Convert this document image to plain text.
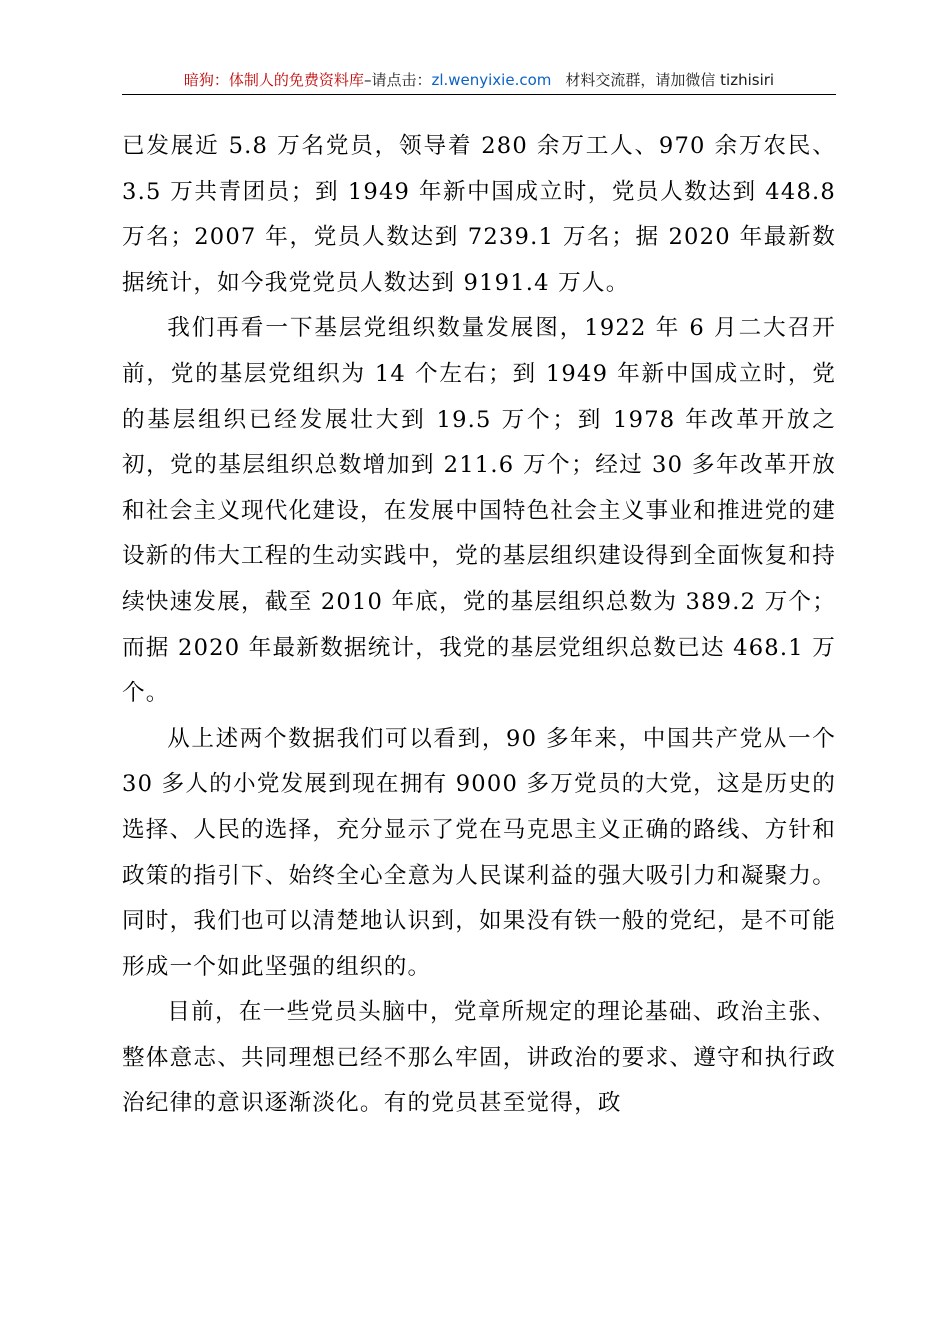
暗狗：体制人的免费资料库–请点击：zl.wenyixie.com 材料交流群，请加微信 tizhisiri

已发展近 5.8 万名党员，领导着 280 余万工人、970 余万农民、3.5 万共青团员；到 1949 年新中国成立时，党员人数达到 448.8 万名；2007 年，党员人数达到 7239.1 万名；据 2020 年最新数据统计，如今我党党员人数达到 9191.4 万人。

我们再看一下基层党组织数量发展图，1922 年 6 月二大召开前，党的基层党组织为 14 个左右；到 1949 年新中国成立时，党的基层组织已经发展壮大到 19.5 万个；到 1978 年改革开放之初，党的基层组织总数增加到 211.6 万个；经过 30 多年改革开放和社会主义现代化建设，在发展中国特色社会主义事业和推进党的建设新的伟大工程的生动实践中，党的基层组织建设得到全面恢复和持续快速发展，截至 2010 年底，党的基层组织总数为 389.2 万个；而据 2020 年最新数据统计，我党的基层党组织总数已达 468.1 万个。

从上述两个数据我们可以看到，90 多年来，中国共产党从一个 30 多人的小党发展到现在拥有 9000 多万党员的大党，这是历史的选择、人民的选择，充分显示了党在马克思主义正确的路线、方针和政策的指引下、始终全心全意为人民谋利益的强大吸引力和凝聚力。同时，我们也可以清楚地认识到，如果没有铁一般的党纪，是不可能形成一个如此坚强的组织的。

目前，在一些党员头脑中，党章所规定的理论基础、政治主张、整体意志、共同理想已经不那么牢固，讲政治的要求、遵守和执行政治纪律的意识逐渐淡化。有的党员甚至觉得，政
